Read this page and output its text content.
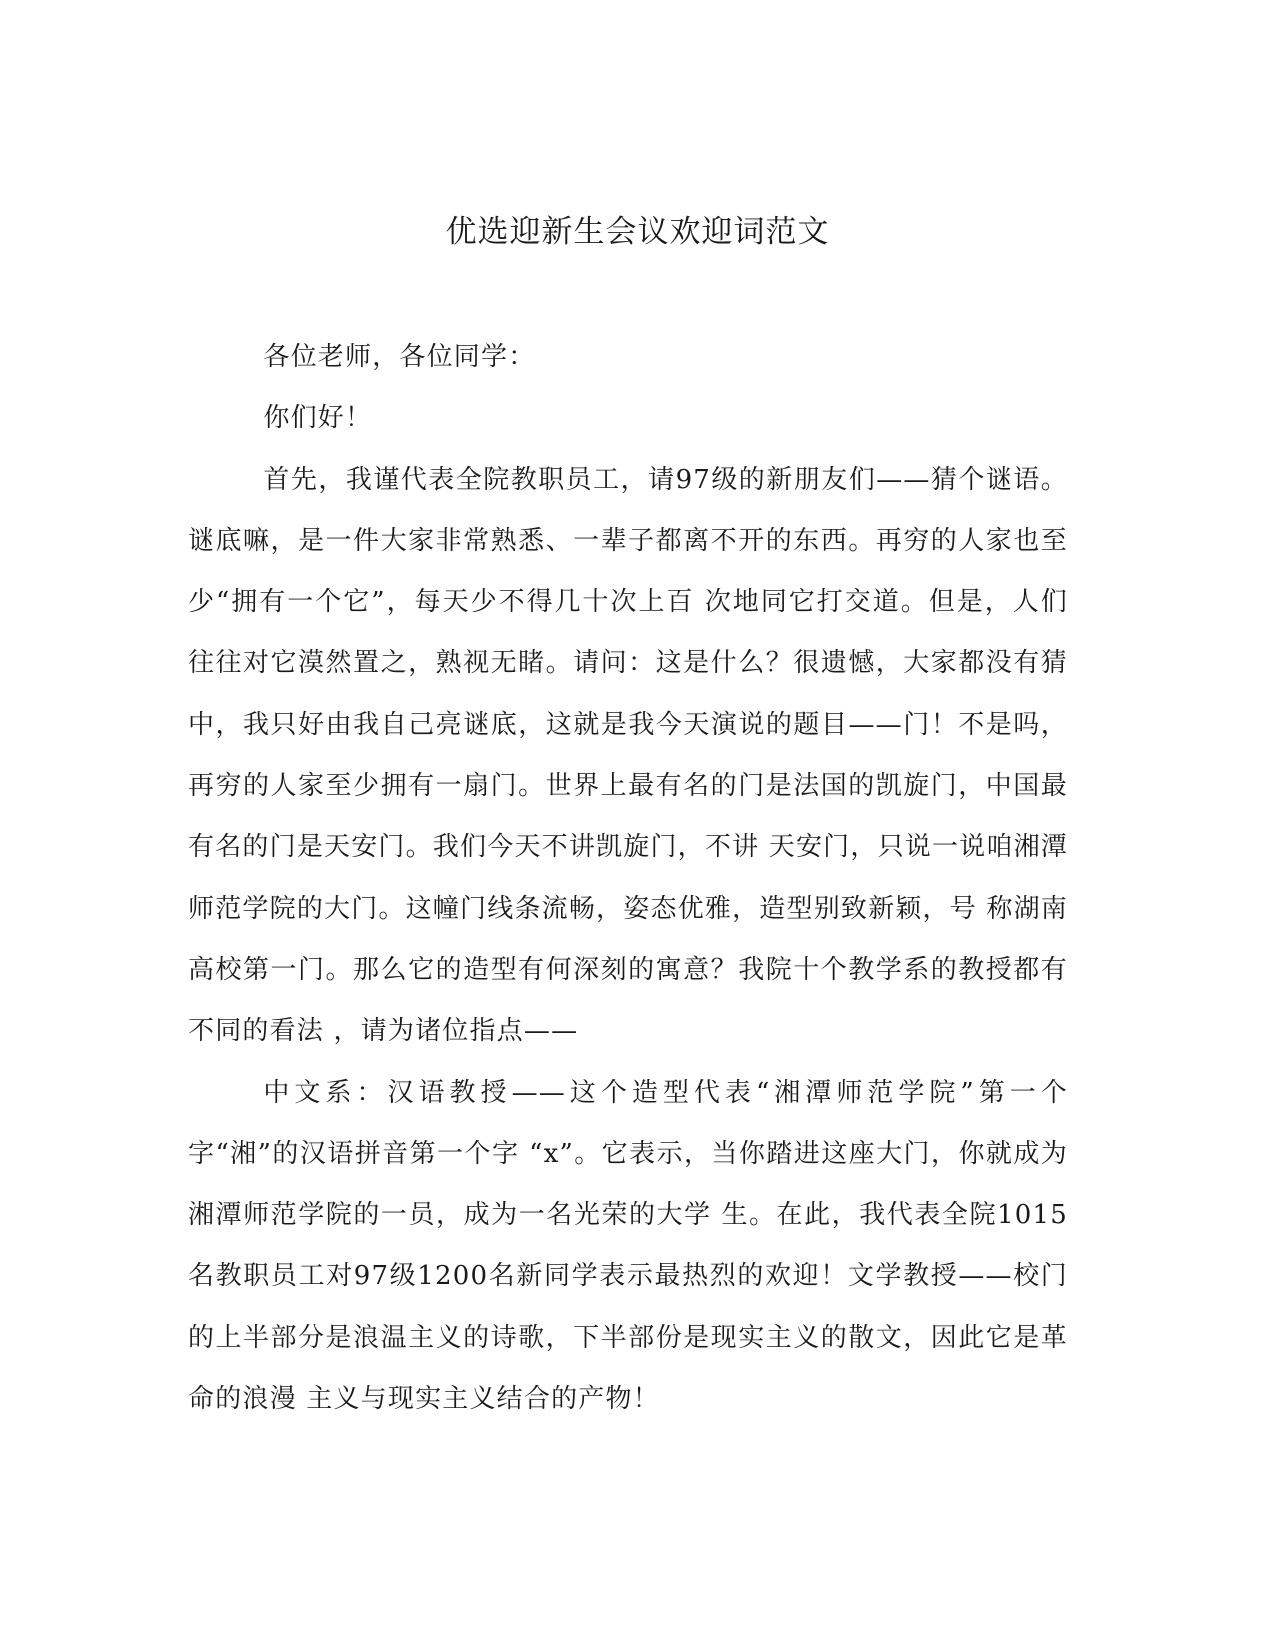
优选迎新生会议欢迎词范文

各位老师，各位同学：

你们好！

首先，我谨代表全院教职员工，请97级的新朋友们——猜个谜语。谜底嘛，是一件大家非常熟悉、一辈子都离不开的东西。再穷的人家也至少“拥有一个它”，每天少不得几十次上百 次地同它打交道。但是，人们往往对它漠然置之，熟视无睹。请问：这是什么？很遗憾，大家都没有猜中，我只好由我自己亮谜底，这就是我今天演说的题目——门！不是吗，再穷的人家至少拥有一扇门。世界上最有名的门是法国的凯旋门，中国最有名的门是天安门。我们今天不讲凯旋门，不讲 天安门，只说一说咱湘潭师范学院的大门。这幢门线条流畅，姿态优雅，造型别致新颖，号 称湖南高校第一门。那么它的造型有何深刻的寓意？我院十个教学系的教授都有不同的看法 ，请为诸位指点——

中文系：汉语教授——这个造型代表“湘潭师范学院”第一个字“湘”的汉语拼音第一个字 “x”。它表示，当你踏进这座大门，你就成为湘潭师范学院的一员，成为一名光荣的大学 生。在此，我代表全院1015名教职员工对97级1200名新同学表示最热烈的欢迎！文学教授——校门的上半部分是浪温主义的诗歌，下半部份是现实主义的散文，因此它是革命的浪漫 主义与现实主义结合的产物！
